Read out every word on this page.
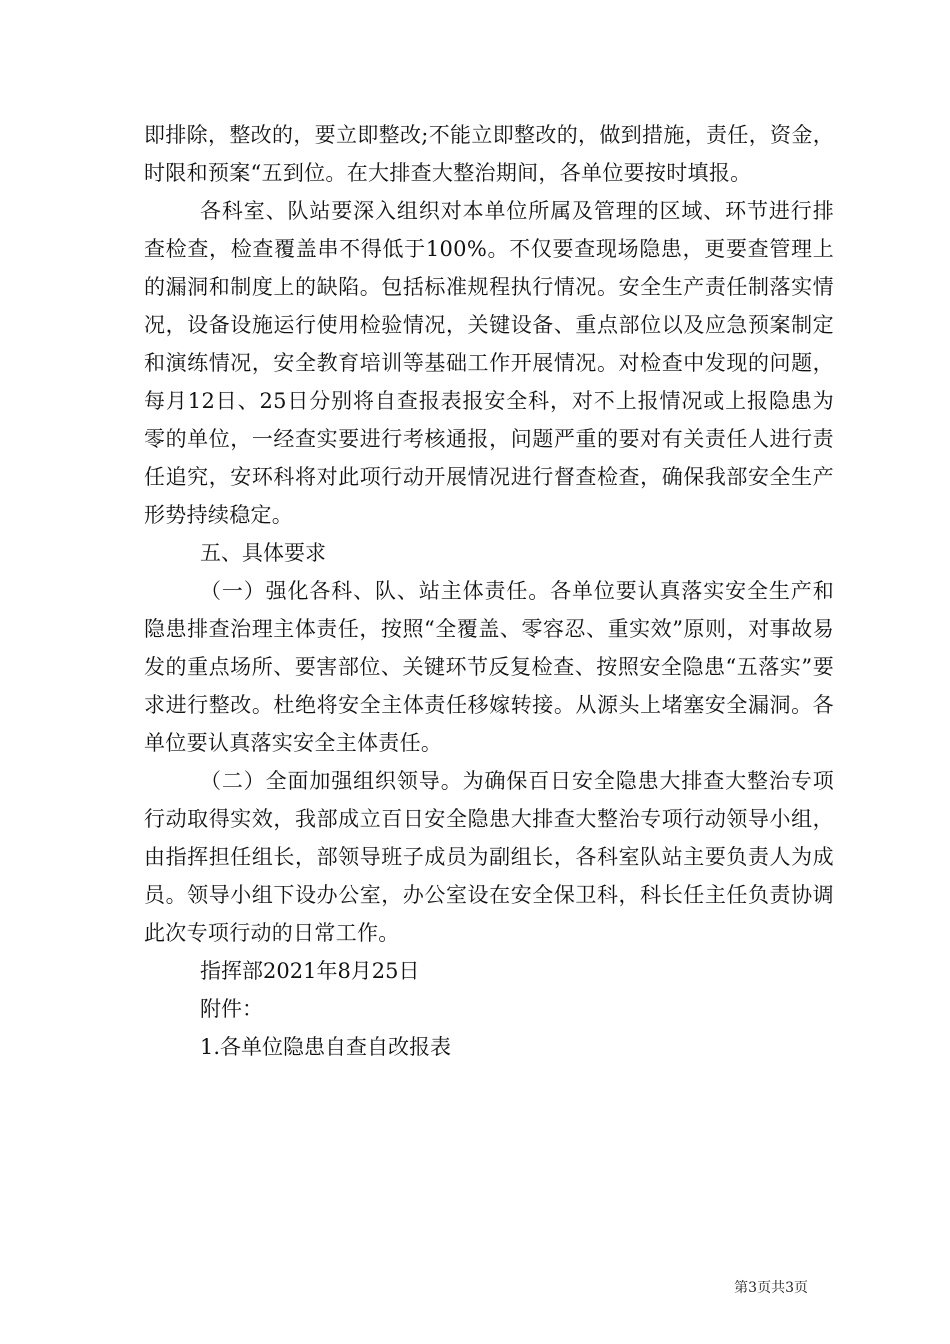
即排除，整改的，要立即整改;不能立即整改的，做到措施，责任，资金，时限和预案“五到位。在大排查大整治期间，各单位要按时填报。

各科室、队站要深入组织对本单位所属及管理的区域、环节进行排查检查，检查覆盖串不得低于100%。不仅要查现场隐患，更要查管理上的漏洞和制度上的缺陷。包括标准规程执行情况。安全生产责任制落实情况，设备设施运行使用检验情况，关键设备、重点部位以及应急预案制定和演练情况，安全教育培训等基础工作开展情况。对检查中发现的问题，每月12日、25日分别将自查报表报安全科，对不上报情况或上报隐患为零的单位，一经查实要进行考核通报，问题严重的要对有关责任人进行责任追究，安环科将对此项行动开展情况进行督查检查，确保我部安全生产形势持续稳定。

五、具体要求

（一）强化各科、队、站主体责任。各单位要认真落实安全生产和隐患排查治理主体责任，按照“全覆盖、零容忍、重实效”原则，对事故易发的重点场所、要害部位、关键环节反复检查、按照安全隐患“五落实”要求进行整改。杜绝将安全主体责任移嫁转接。从源头上堵塞安全漏洞。各单位要认真落实安全主体责任。

（二）全面加强组织领导。为确保百日安全隐患大排查大整治专项行动取得实效，我部成立百日安全隐患大排查大整治专项行动领导小组，由指挥担任组长，部领导班子成员为副组长，各科室队站主要负责人为成员。领导小组下设办公室，办公室设在安全保卫科，科长任主任负责协调此次专项行动的日常工作。

指挥部2021年8月25日

附件：

1.各单位隐患自查自改报表

第3页共3页
